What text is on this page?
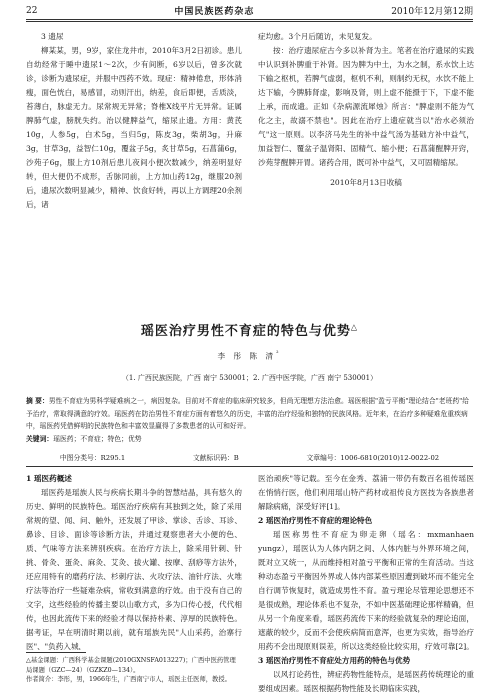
22	中国民族医药杂志	2010年12月第12期
3 遗尿

柳某某，男，9岁，家住龙井市，2010年3月2日初诊。患儿自幼经常于睡中遗尿1～2次，少有间断，6岁以后，曾多次就诊，诊断为遗尿症，并服中西药不效。现症：精神倦怠，形体消瘦，面色恍白，易感冒，动则汗出，纳差，食后即便，舌质淡，苔薄白，脉虚无力。尿常规无异常；脊椎X线平片无异常。证属脾肺气虚，膀胱失约。治以健脾益气，缩尿止遗。方用：黄芪10g，人参5g，白术5g，当归5g，陈皮3g，柴胡3g，升麻3g，甘草3g，益智仁10g，覆盆子5g，炙甘草5g，石菖蒲6g，沙苑子6g，服上方10剂后患儿夜间小便次数减少，纳差明显好转，但大便仍不成形，舌脉同前，上方加山药12g，继服20剂后，遗尿次数明显减少，精神、饮食好转，再以上方调理20余剂后，诸

症均愈。3个月后随访，未见复发。

按：治疗遗尿症古今多以补肾为主。笔者在治疗遗尿的实践中认识到补脾重于补肾。因为脾为中土，为水之制，系水饮上达下输之枢机，若脾气虚弱，枢机不利，则制约无权，水饮不能上达下输，今脾肺肾虚，影响及肾，则上虚不能摄于下，下虚不能上承，而成遗。正如《杂病源流犀烛》所言："脾虚则不能为气化之主，故溺不禁也"。因此在治疗上遗症就当以"治水必须治气"这一原则。以李济马先生的补中益气汤为基础方补中益气，加益智仁、覆盆子温肾阳、固精气、缩小便；石菖蒲醒脾开窍，沙苑芽醒脾开胃。诸药合用，既可补中益气，又可固精缩尿。

2010年8月13日收稿
瑶医治疗男性不育症的特色与优势△
李 彤 陈 清$^{^2}$
（1. 广西民族医院，广西 南宁 530001；2. 广西中医学院，广西 南宁 530001）
摘 要：男性不育症为男科学疑难病之一，病因复杂。目前对不育症的临床研究较多，但尚无理想方法治愈。瑶医根据"盈亏平衡"理论结合"老班药"给予治疗，常取得满意的疗效。瑶医药在防治男性不育症方面有着悠久的历史，丰富的治疗经验和独特的民族风格。近年来，在治疗多种疑难危重疾病中，瑶医药凭借鲜明的民族特色和丰富效显赢得了多数患者的认可和好评。
关键词：瑶医药；不育症；特色；优势
中图分类号：R295.1	文献标识码：B	文章编号：1006-6810(2010)12-0022-02
1 瑶医药概述

瑶医药是瑶族人民与疾病长期斗争的智慧结晶，具有悠久的历史、鲜明的民族特色。瑶医治疗疾病有其独到之处，除了采用常规的望、闻、问、触外，还发展了甲诊、掌诊、舌诊、耳诊、鼻诊、目诊、面诊等诊断方法，并通过观察患者大小便的色、质、气味等方法来辨别疾病。在治疗方法上，除采用针刺、针挑、骨灸、蛋灸、麻灸、艾灸、拔火罐、按摩、刮痧等方法外，还应用特有的磨药疗法、杉刺疗法、火攻疗法、油针疗法、火堆疗法等治疗一些疑难杂病，常收到满意的疗效。由于没有自己的文字，这些经验的传播主要以山歌方式，多为口传心授，代代相传，也因此流传下来的经验才得以保持朴素、淳厚的民族特色。据考证，早在明清时期以前，就有瑶族先民"人山采药，治寨行医"、"负药入城，

医治顽疾"等记载。至今在金秀、荔浦一带仍有数百名祖传瑶医在悄悄行医，他们利用瑶山特产药材或祖传良方医技为各族患者解除病痛，深受好评[1]。

2 瑶医治疗男性不育症的理论特色

瑶医称男性不育症为卵走卵（瑶名：mxmanhaen yungz），瑶医认为人体内阴之间、人体内脏与外界环境之间，既对立又统一，从而维持相对盈亏平衡和正常的生育活动。当这种动态盈亏平衡因外界或人体内部某些原因遭到破坏而不能完全自行调节恢复时，就造成男性不育。盈亏理论尽管理论思想还不是很成熟，理论体系也不复杂，不如中医基础理论那样精确，但从另一个角度来看，瑶医药流传下来的经验就复杂的理论追面，遮蔽的较少，反而不会使疾病简而意浑，也更为实效，指导治疗用药不会出现原则误差，所以这类经验比较实用，疗效可靠[2]。

3 瑶医治疗男性不育症处方用药的特色与优势

以风打论药性，辨症药物性能特点，是瑶医药传统理论的重要组成因素。瑶医根据药物性能及长期临床实践，

△基金课题：广西科学基金课题(2010GXNSFA013227)；广西中医药管理局课题（GZC—24）（GZKZ0—134）。
作者简介：李彤，男，1966年生，广西南宁市人，瑶医主任医师，教授。
